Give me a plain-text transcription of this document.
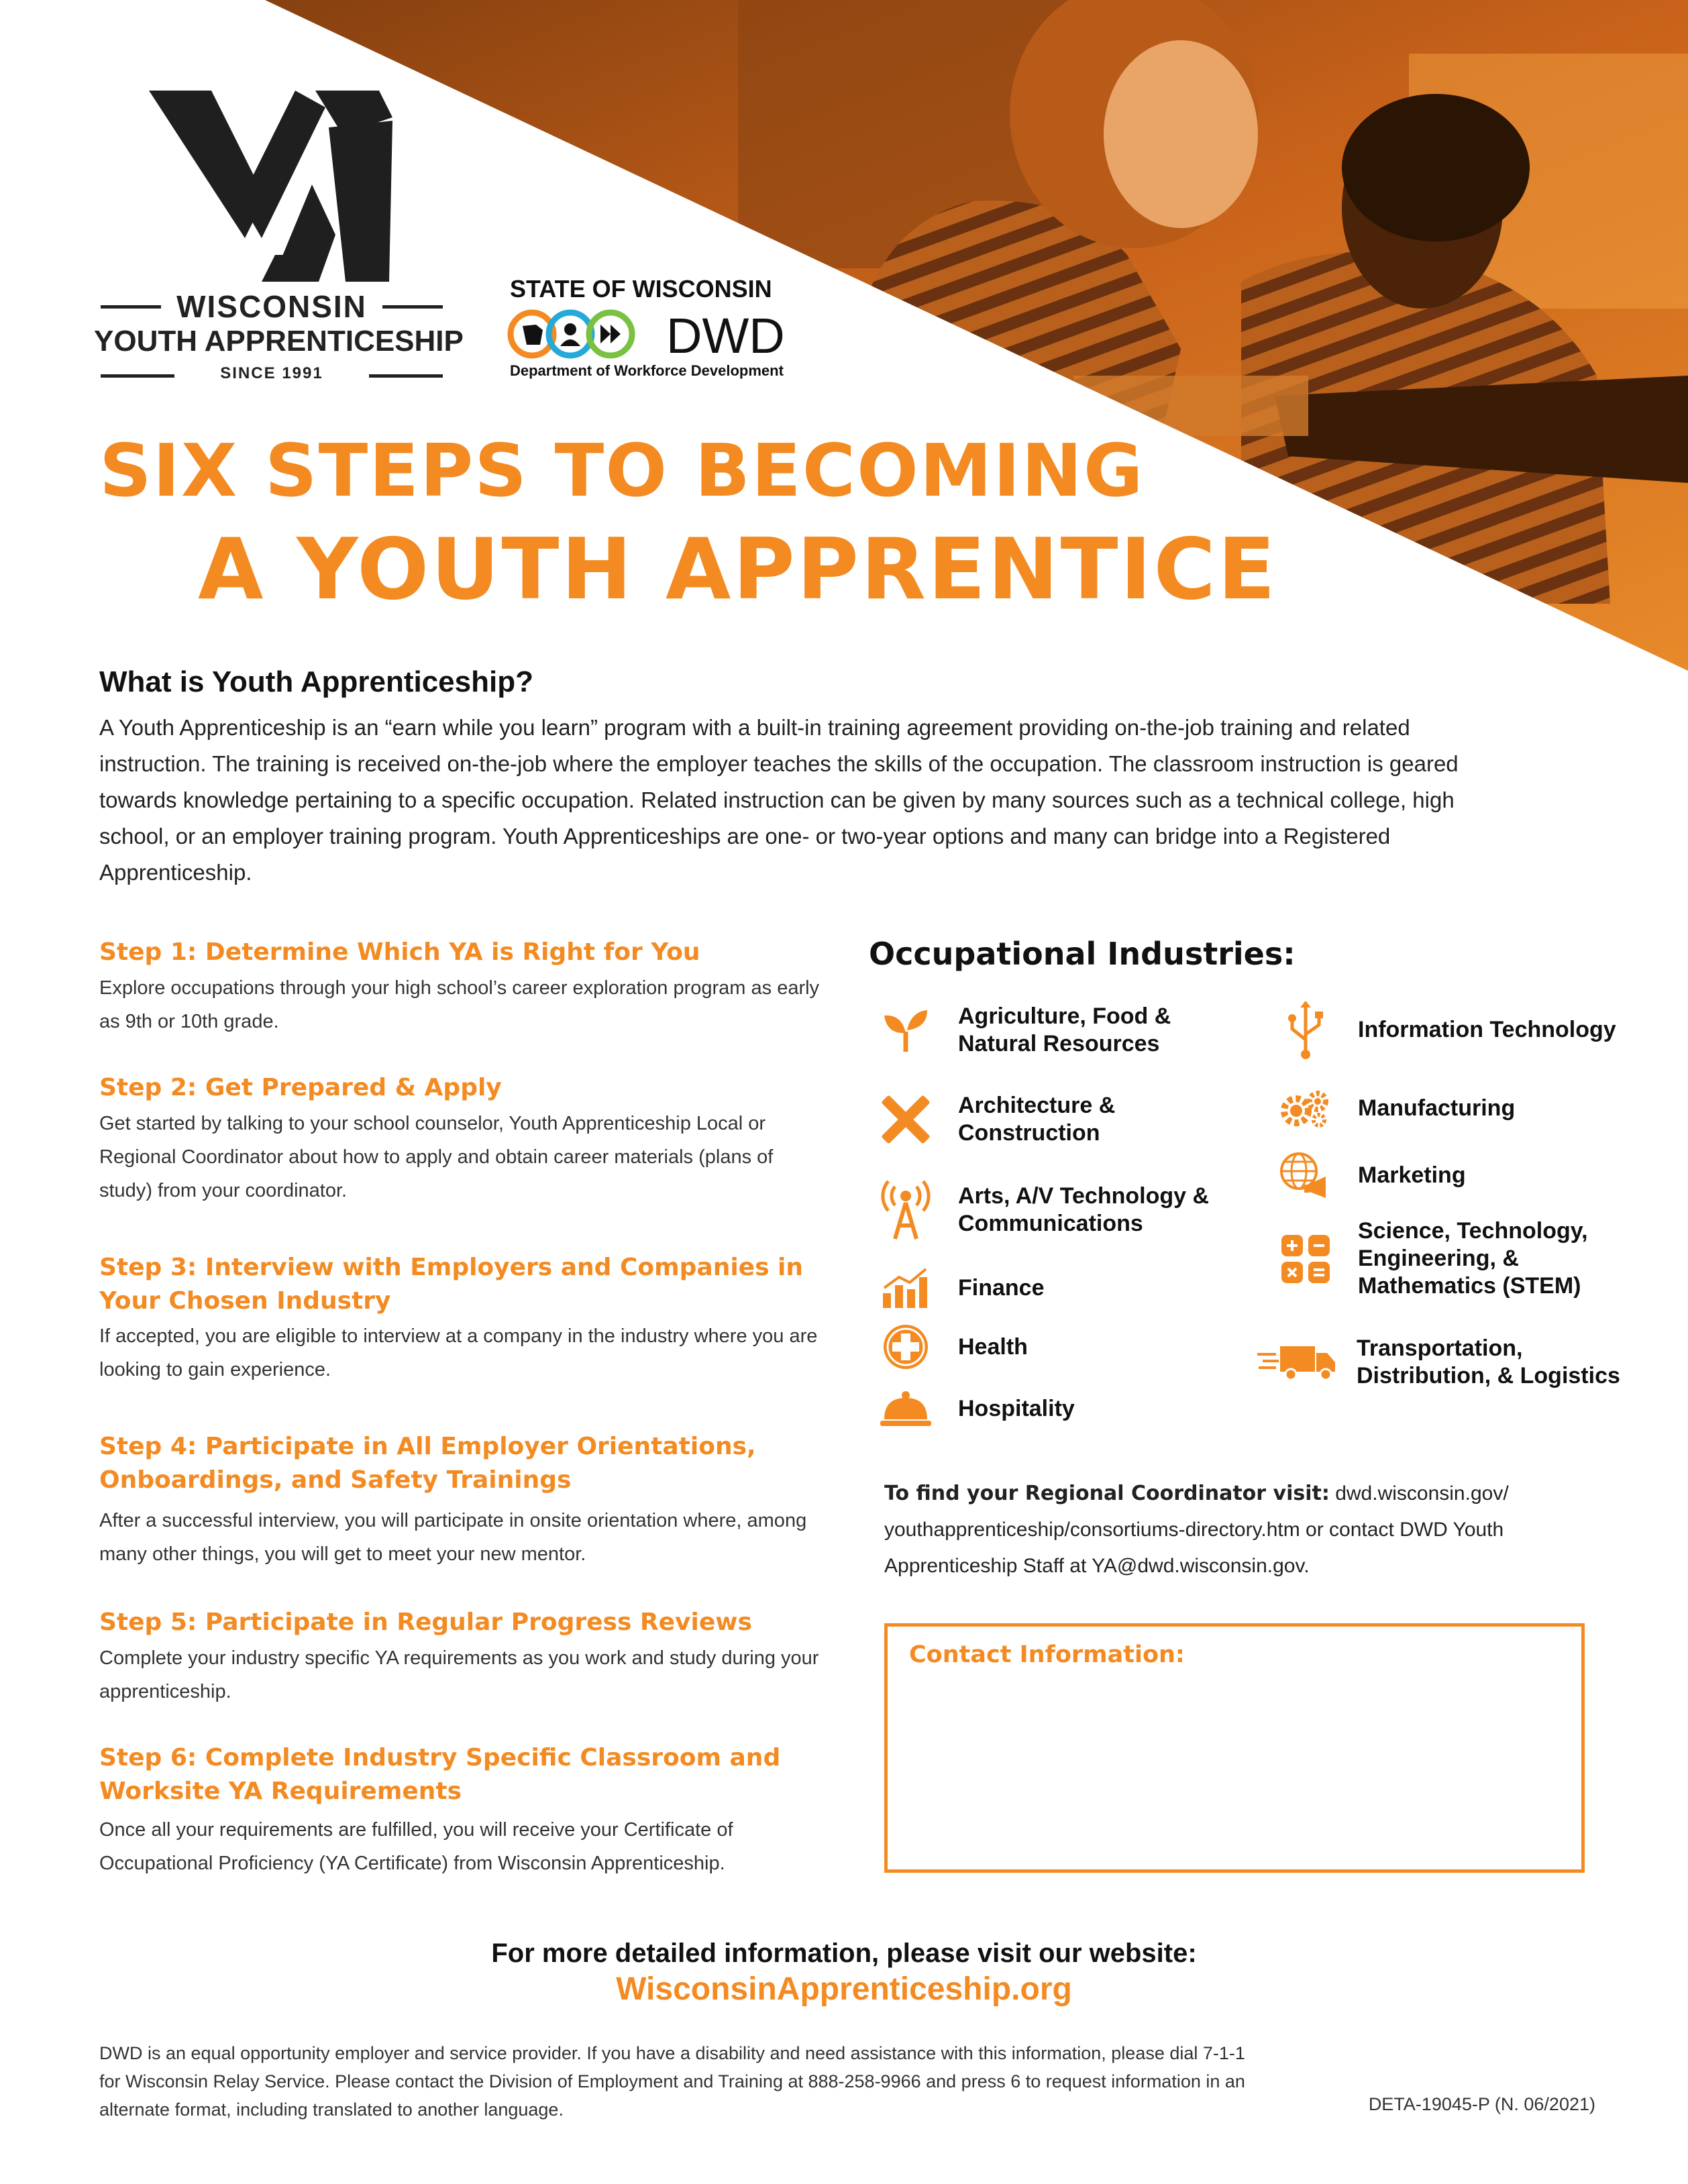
WISCONSIN
YOUTH APPRENTICESHIP
SINCE 1991
STATE OF WISCONSIN
DWD
Department of Workforce Development
SIX STEPS TO BECOMING
A YOUTH APPRENTICE
What is Youth Apprenticeship?
A Youth Apprenticeship is an “earn while you learn” program with a built-in training agreement providing on-the-job training and related instruction. The training is received on-the-job where the employer teaches the skills of the occupation. The classroom instruction is geared towards knowledge pertaining to a specific occupation. Related instruction can be given by many sources such as a technical college, high school, or an employer training program. Youth Apprenticeships are one- or two-year options and many can bridge into a Registered Apprenticeship.
Step 1: Determine Which YA is Right for You
Explore occupations through your high school’s career exploration program as early as 9th or 10th grade.
Step 2: Get Prepared & Apply
Get started by talking to your school counselor, Youth Apprenticeship Local or Regional Coordinator about how to apply and obtain career materials (plans of study) from your coordinator.
Step 3: Interview with Employers and Companies in Your Chosen Industry
If accepted, you are eligible to interview at a company in the industry where you are looking to gain experience.
Step 4: Participate in All Employer Orientations, Onboardings, and Safety Trainings
After a successful interview, you will participate in onsite orientation where, among many other things, you will get to meet your new mentor.
Step 5: Participate in Regular Progress Reviews
Complete your industry specific YA requirements as you work and study during your apprenticeship.
Step 6: Complete Industry Specific Classroom and Worksite YA Requirements
Once all your requirements are fulfilled, you will receive your Certificate of Occupational Proficiency (YA Certificate) from Wisconsin Apprenticeship.
Occupational Industries:
Agriculture, Food & Natural Resources
Architecture & Construction
Arts, A/V Technology & Communications
Finance
Health
Hospitality
Information Technology
Manufacturing
Marketing
Science, Technology, Engineering, & Mathematics (STEM)
Transportation, Distribution, & Logistics
To find your Regional Coordinator visit: dwd.wisconsin.gov/ youthapprenticeship/consortiums-directory.htm or contact DWD Youth Apprenticeship Staff at YA@dwd.wisconsin.gov.
Contact Information:
For more detailed information, please visit our website:
WisconsinApprenticeship.org
DWD is an equal opportunity employer and service provider. If you have a disability and need assistance with this information, please dial 7-1-1 for Wisconsin Relay Service. Please contact the Division of Employment and Training at 888-258-9966 and press 6 to request information in an alternate format, including translated to another language.	DETA-19045-P (N. 06/2021)
